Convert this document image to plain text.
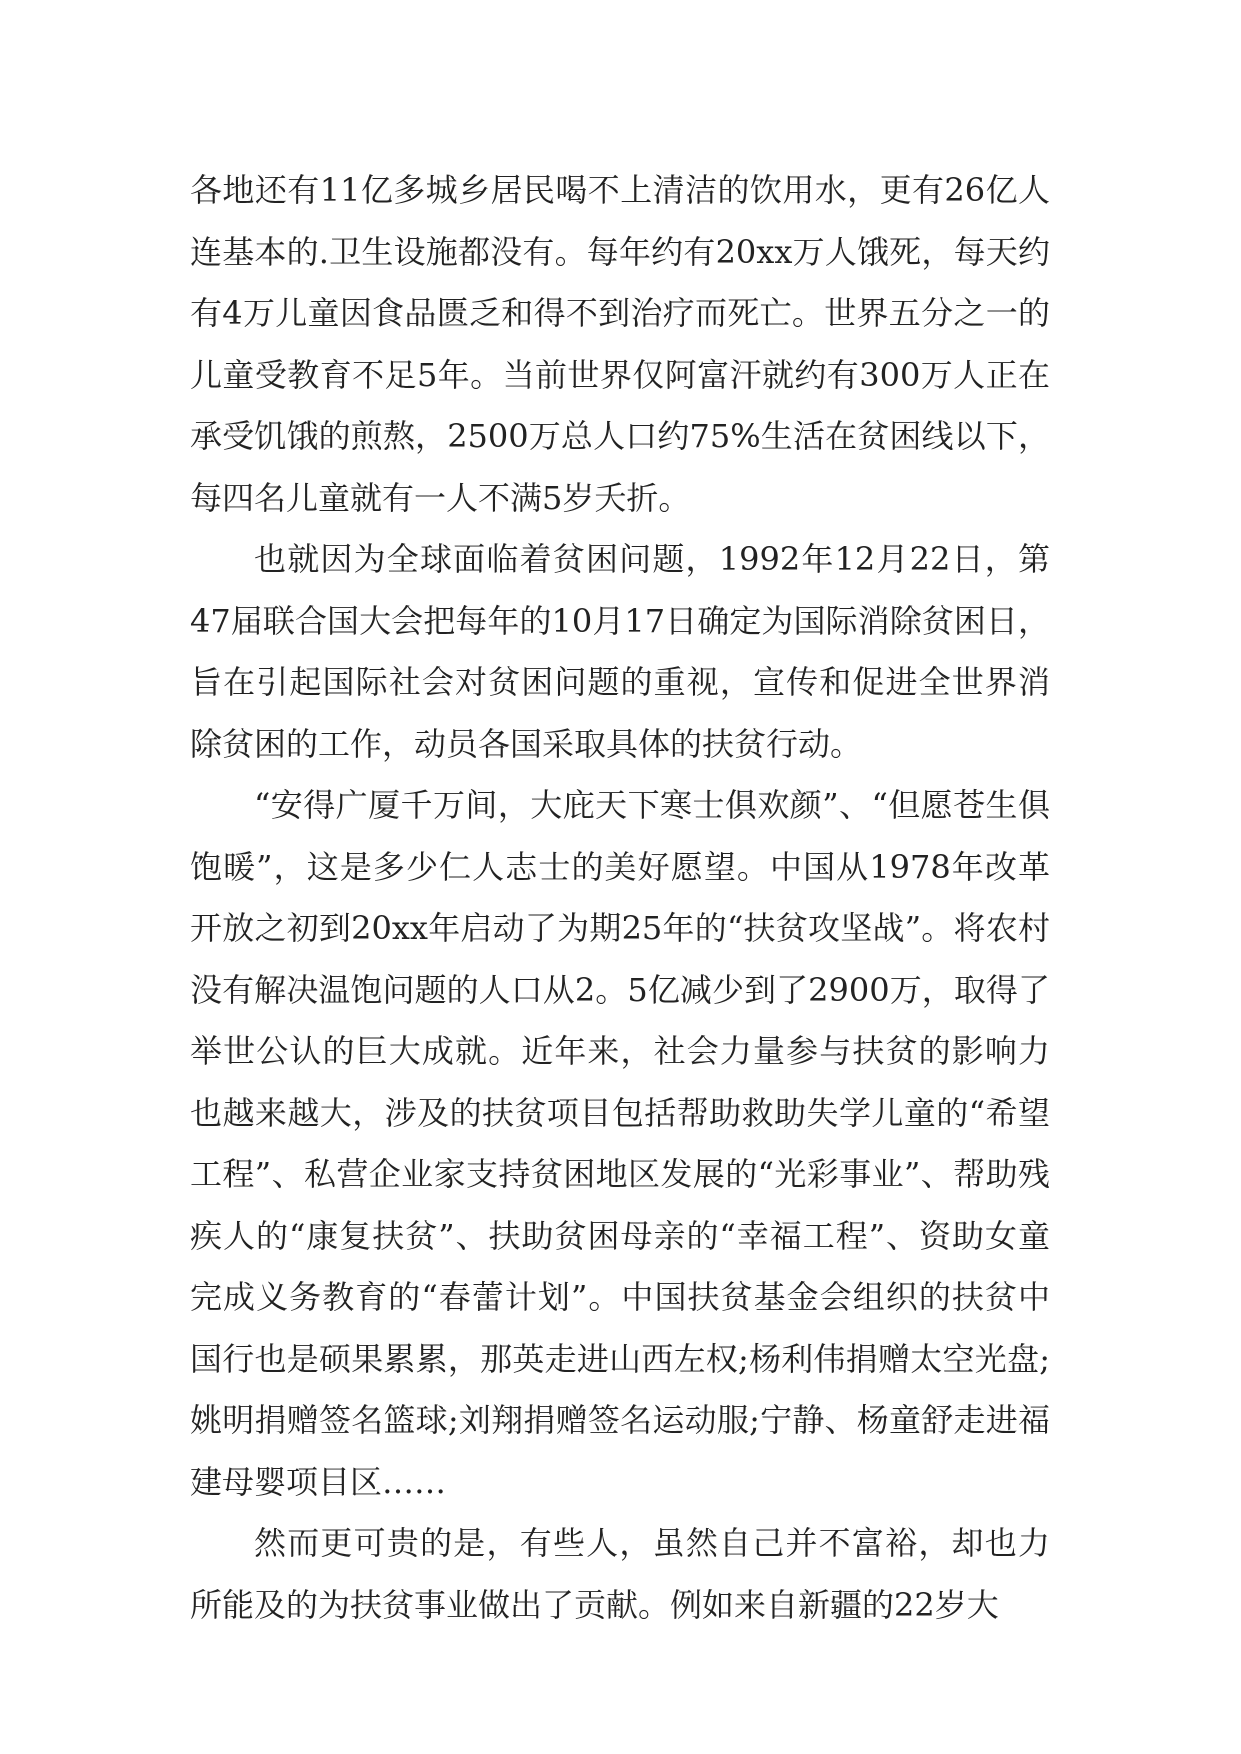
各地还有11亿多城乡居民喝不上清洁的饮用水，更有26亿人连基本的.卫生设施都没有。每年约有20xx万人饿死，每天约有4万儿童因食品匮乏和得不到治疗而死亡。世界五分之一的儿童受教育不足5年。当前世界仅阿富汗就约有300万人正在承受饥饿的煎熬，2500万总人口约75%生活在贫困线以下，每四名儿童就有一人不满5岁夭折。

也就因为全球面临着贫困问题，1992年12月22日，第47届联合国大会把每年的10月17日确定为国际消除贫困日，旨在引起国际社会对贫困问题的重视，宣传和促进全世界消除贫困的工作，动员各国采取具体的扶贫行动。

“安得广厦千万间，大庇天下寒士俱欢颜”、“但愿苍生俱饱暖”，这是多少仁人志士的美好愿望。中国从1978年改革开放之初到20xx年启动了为期25年的“扶贫攻坚战”。将农村没有解决温饱问题的人口从2。5亿减少到了2900万，取得了举世公认的巨大成就。近年来，社会力量参与扶贫的影响力也越来越大，涉及的扶贫项目包括帮助救助失学儿童的“希望工程”、私营企业家支持贫困地区发展的“光彩事业”、帮助残疾人的“康复扶贫”、扶助贫困母亲的“幸福工程”、资助女童完成义务教育的“春蕾计划”。中国扶贫基金会组织的扶贫中国行也是硕果累累，那英走进山西左权;杨利伟捐赠太空光盘;姚明捐赠签名篮球;刘翔捐赠签名运动服;宁静、杨童舒走进福建母婴项目区……

然而更可贵的是，有些人，虽然自己并不富裕，却也力所能及的为扶贫事业做出了贡献。例如来自新疆的22岁大
